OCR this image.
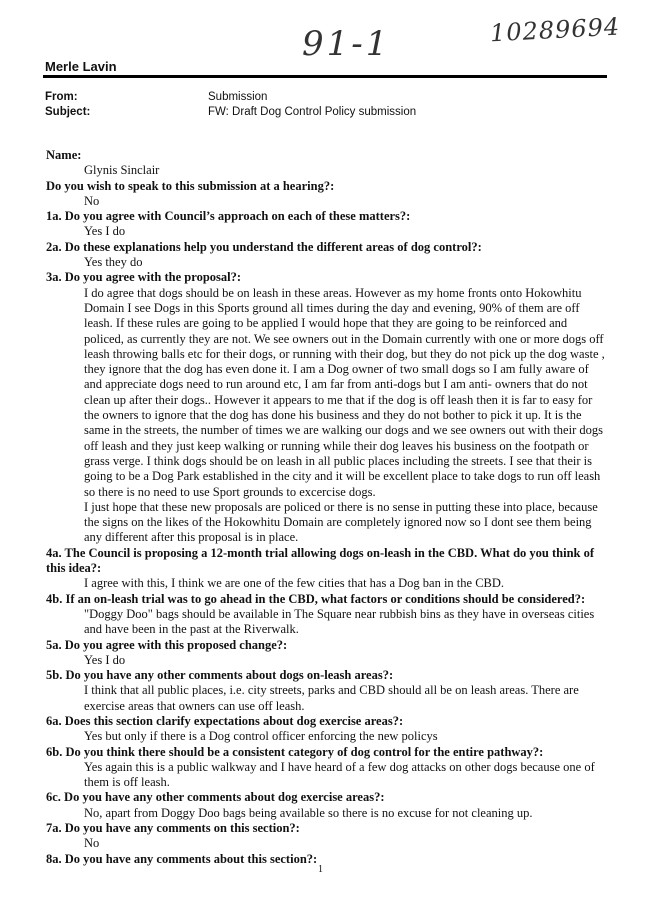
91-1	10289694
Merle Lavin
From:	Submission
Subject:	FW: Draft Dog Control Policy submission
Name:
Glynis Sinclair
Do you wish to speak to this submission at a hearing?:

No

1a. Do you agree with Council’s approach on each of these matters?:

Yes I do

2a. Do these explanations help you understand the different areas of dog control?:

Yes they do

3a. Do you agree with the proposal?:

I do agree that dogs should be on leash in these areas. However as my home fronts onto Hokowhitu Domain I see Dogs in this Sports ground all times during the day and evening, 90% of them are off leash. If these rules are going to be applied I would hope that they are going to be reinforced and policed, as currently they are not. We see owners out in the Domain currently with one or more dogs off leash throwing balls etc for their dogs, or running with their dog, but they do not pick up the dog waste , they ignore that the dog has even done it. I am a Dog owner of two small dogs so I am fully aware of and appreciate dogs need to run around etc, I am far from anti-dogs but I am anti- owners that do not clean up after their dogs.. However it appears to me that if the dog is off leash then it is far to easy for the owners to ignore that the dog has done his business and they do not bother to pick it up. It is the same in the streets, the number of times we are walking our dogs and we see owners out with their dogs off leash and they just keep walking or running while their dog leaves his business on the footpath or grass verge. I think dogs should be on leash in all public places including the streets. I see that their is going to be a Dog Park established in the city and it will be excellent place to take dogs to run off leash so there is no need to use Sport grounds to excercise dogs.

I just hope that these new proposals are policed or there is no sense in putting these into place, because the signs on the likes of the Hokowhitu Domain are completely ignored now so I dont see them being any different after this proposal is in place.

4a. The Council is proposing a 12-month trial allowing dogs on-leash in the CBD. What do you think of this idea?:

I agree with this, I think we are one of the few cities that has a Dog ban in the CBD.

4b. If an on-leash trial was to go ahead in the CBD, what factors or conditions should be considered?:

"Doggy Doo" bags should be available in The Square near rubbish bins as they have in overseas cities and have been in the past at the Riverwalk.

5a. Do you agree with this proposed change?:

Yes I do

5b. Do you have any other comments about dogs on-leash areas?:

I think that all public places, i.e. city streets, parks and CBD should all be on leash areas. There are exercise areas that owners can use off leash.

6a. Does this section clarify expectations about dog exercise areas?:

Yes but only if there is a Dog control officer enforcing the new policys

6b. Do you think there should be a consistent category of dog control for the entire pathway?:

Yes again this is a public walkway and I have heard of a few dog attacks on other dogs because one of them is off leash.

6c. Do you have any other comments about dog exercise areas?:

No, apart from Doggy Doo bags being available so there is no excuse for not cleaning up.

7a. Do you have any comments on this section?:

No

8a. Do you have any comments about this section?:
1
